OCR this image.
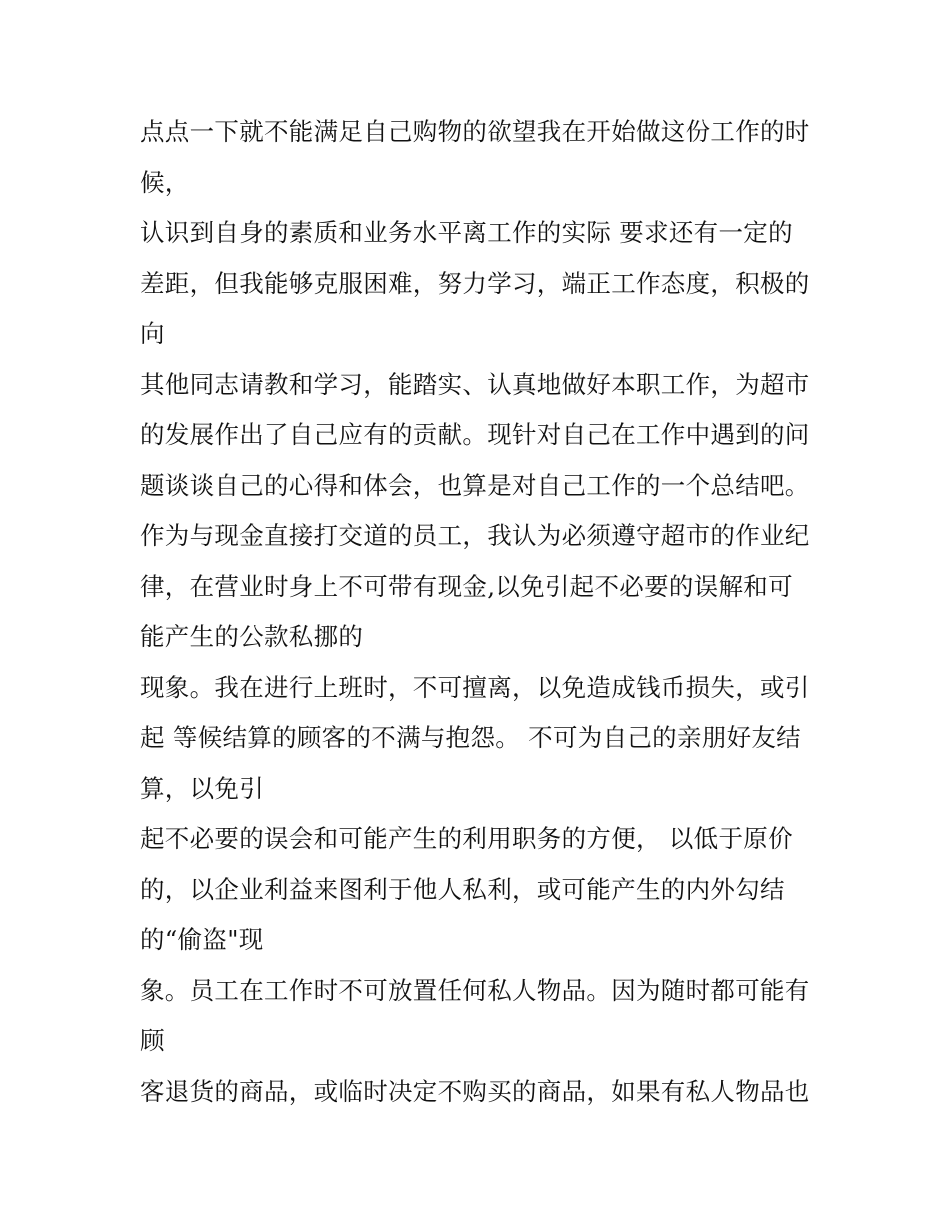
点点一下就不能满足自己购物的欲望我在开始做这份工作的时
候，
认识到自身的素质和业务水平离工作的实际 要求还有一定的
差距，但我能够克服困难，努力学习，端正工作态度，积极的
向
其他同志请教和学习，能踏实、认真地做好本职工作，为超市
的发展作出了自己应有的贡献。现针对自己在工作中遇到的问
题谈谈自己的心得和体会，也算是对自己工作的一个总结吧。
作为与现金直接打交道的员工，我认为必须遵守超市的作业纪
律，在营业时身上不可带有现金,以免引起不必要的误解和可
能产生的公款私挪的
现象。我在进行上班时，不可擅离，以免造成钱币损失，或引
起 等候结算的顾客的不满与抱怨。 不可为自己的亲朋好友结
算，以免引
起不必要的误会和可能产生的利用职务的方便， 以低于原价
的，以企业利益来图利于他人私利，或可能产生的内外勾结
的“偷盗"现
象。员工在工作时不可放置任何私人物品。因为随时都可能有
顾
客退货的商品，或临时决定不购买的商品，如果有私人物品也
